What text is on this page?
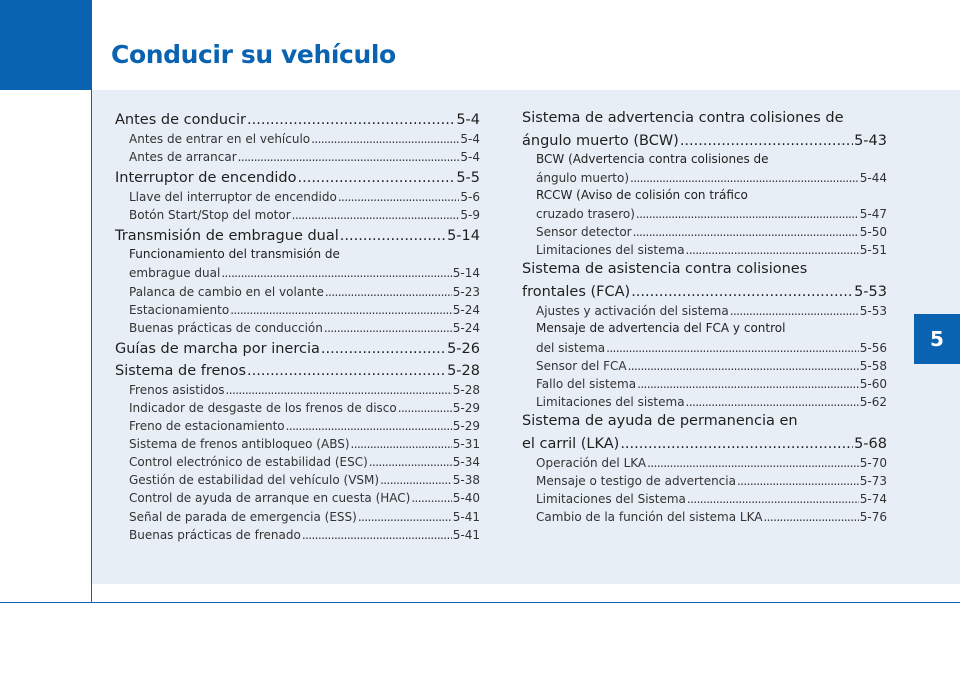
Conducir su vehículo
5
Antes de conducir .....	5-4
Antes de entrar en el vehículo .....	5-4
Antes de arrancar .....	5-4
Interruptor de encendido .....	5-5
Llave del interruptor de encendido .....	5-6
Botón Start/Stop del motor .....	5-9
Transmisión de embrague dual .....	5-14
Funcionamiento del transmisión de
embrague dual .....	5-14
Palanca de cambio en el volante .....	5-23
Estacionamiento .....	5-24
Buenas prácticas de conducción .....	5-24
Guías de marcha por inercia .....	5-26
Sistema de frenos .....	5-28
Frenos asistidos .....	5-28
Indicador de desgaste de los frenos de disco .....	5-29
Freno de estacionamiento .....	5-29
Sistema de frenos antibloqueo (ABS) .....	5-31
Control electrónico de estabilidad (ESC) .....	5-34
Gestión de estabilidad del vehículo (VSM) .....	5-38
Control de ayuda de arranque en cuesta (HAC) .....	5-40
Señal de parada de emergencia (ESS) .....	5-41
Buenas prácticas de frenado .....	5-41
Sistema de advertencia contra colisiones de
ángulo muerto (BCW) .....	5-43
BCW (Advertencia contra colisiones de
ángulo muerto) .....	5-44
RCCW (Aviso de colisión con tráfico
cruzado trasero) .....	5-47
Sensor detector .....	5-50
Limitaciones del sistema .....	5-51
Sistema de asistencia contra colisiones
frontales (FCA) .....	5-53
Ajustes y activación del sistema .....	5-53
Mensaje de advertencia del FCA y control
del sistema .....	5-56
Sensor del FCA .....	5-58
Fallo del sistema .....	5-60
Limitaciones del sistema .....	5-62
Sistema de ayuda de permanencia en
el carril (LKA) .....	5-68
Operación del LKA .....	5-70
Mensaje o testigo de advertencia .....	5-73
Limitaciones del Sistema .....	5-74
Cambio de la función del sistema LKA .....	5-76
